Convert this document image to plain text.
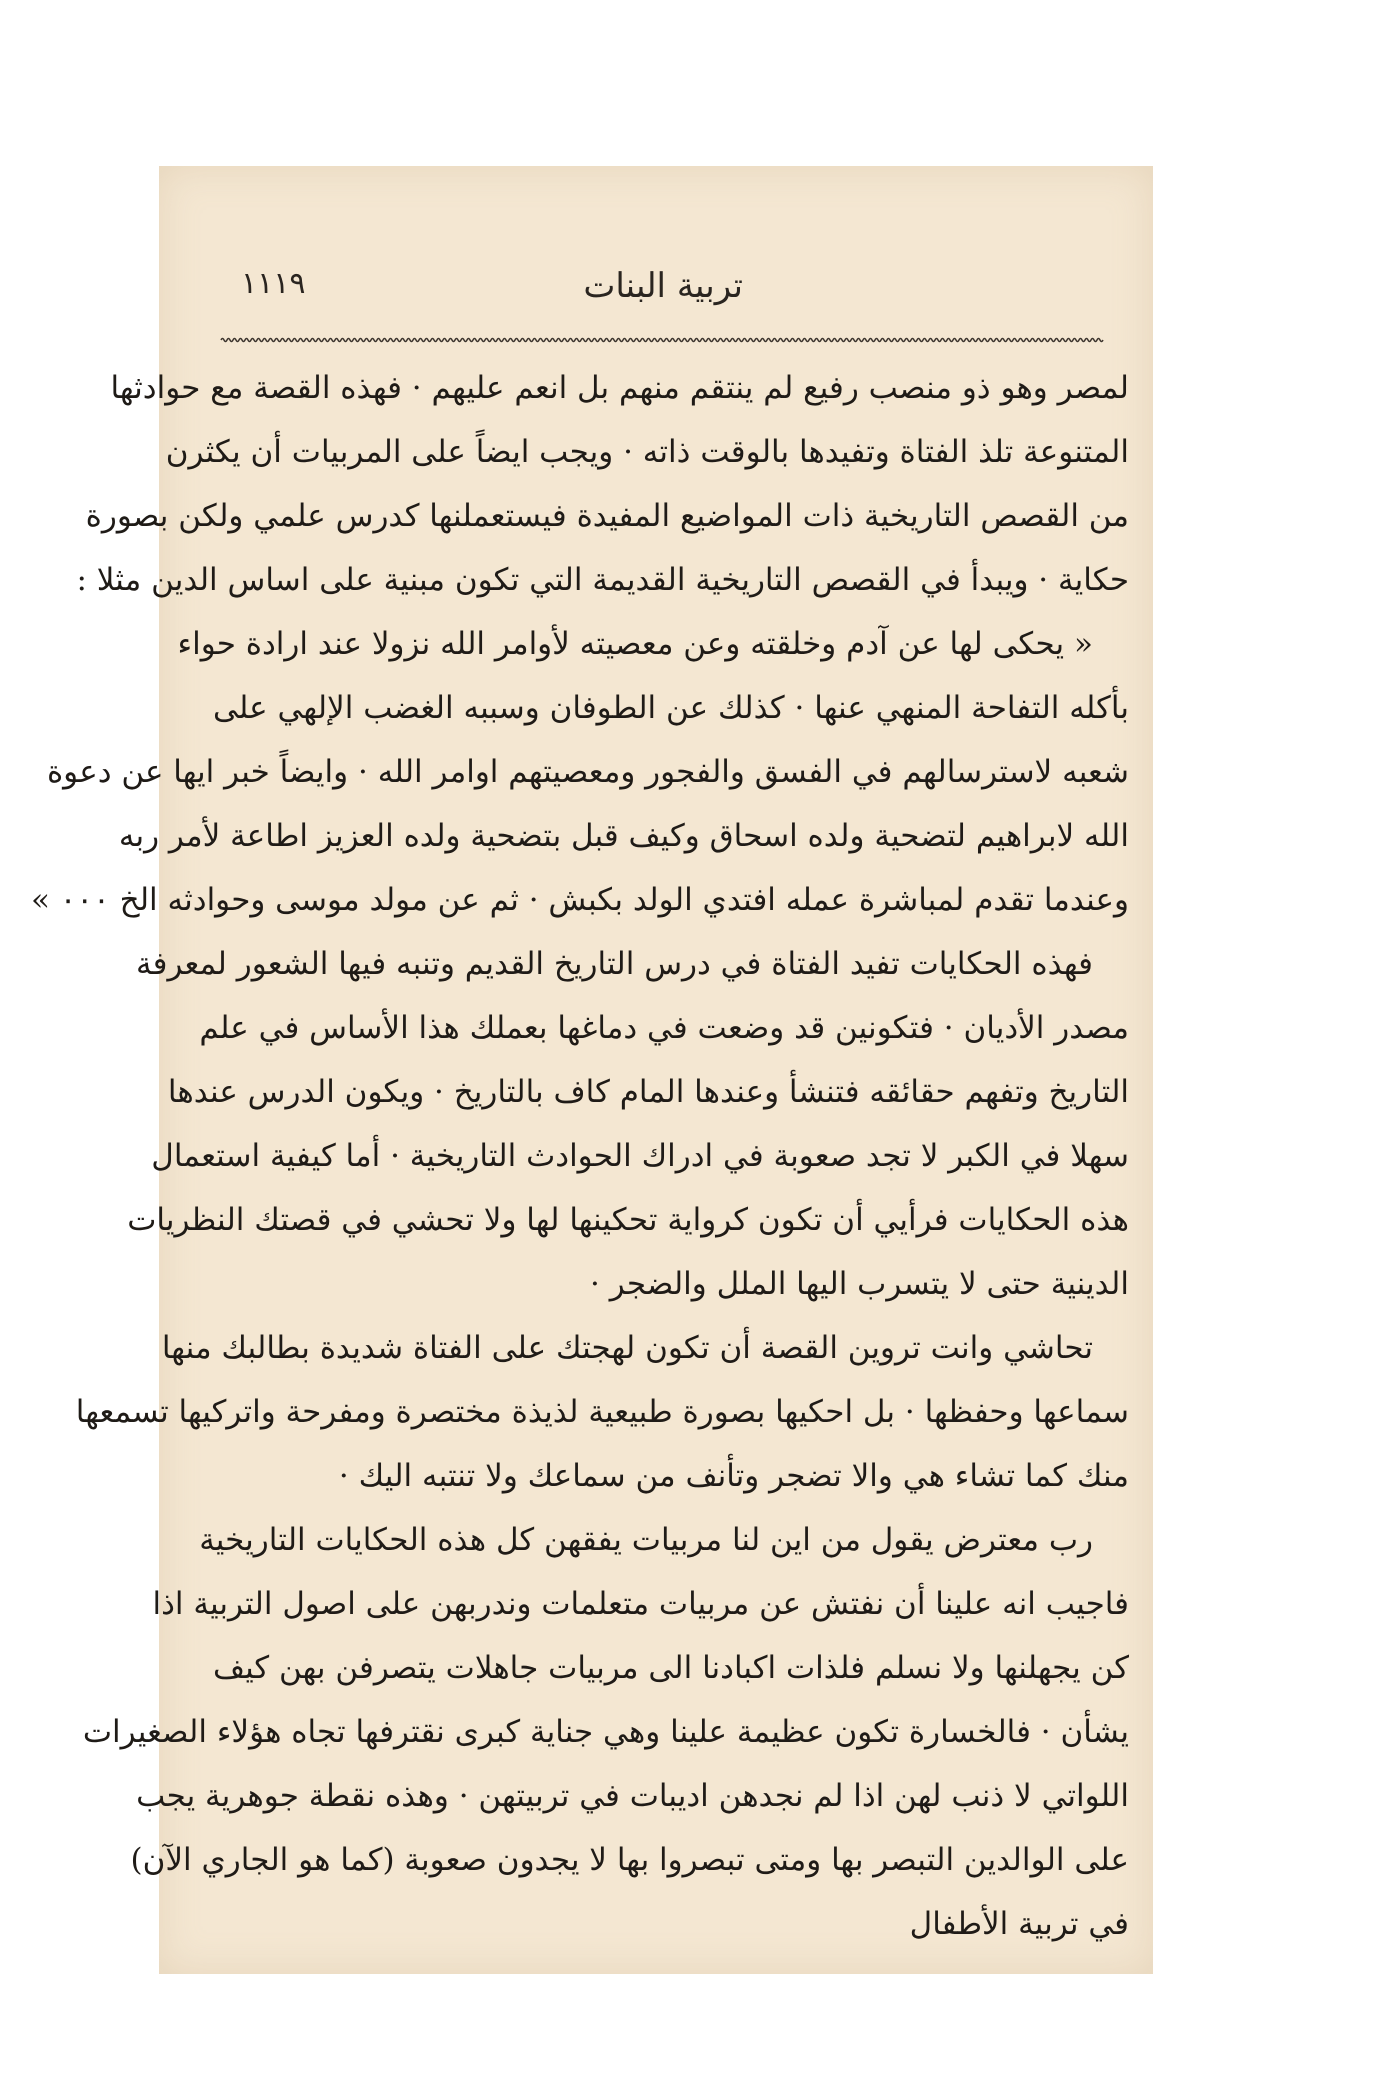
تربية البنات
١١١٩
لمصر وهو ذو منصب رفيع لم ينتقم منهم بل انعم عليهم · فهذه القصة مع حوادثها
المتنوعة تلذ الفتاة وتفيدها بالوقت ذاته · ويجب ايضاً على المربيات أن يكثرن
من القصص التاريخية ذات المواضيع المفيدة فيستعملنها كدرس علمي ولكن بصورة
حكاية · ويبدأ في القصص التاريخية القديمة التي تكون مبنية على اساس الدين مثلا :
« يحكى لها عن آدم وخلقته وعن معصيته لأوامر الله نزولا عند ارادة حواء
بأكله التفاحة المنهي عنها · كذلك عن الطوفان وسببه الغضب الإلهي على
شعبه لاسترسالهم في الفسق والفجور ومعصيتهم اوامر الله · وايضاً خبر ايها عن دعوة
الله لابراهيم لتضحية ولده اسحاق وكيف قبل بتضحية ولده العزيز اطاعة لأمر ربه
وعندما تقدم لمباشرة عمله افتدي الولد بكبش · ثم عن مولد موسى وحوادثه الخ ٠٠٠ »
فهذه الحكايات تفيد الفتاة في درس التاريخ القديم وتنبه فيها الشعور لمعرفة
مصدر الأديان · فتكونين قد وضعت في دماغها بعملك هذا الأساس في علم
التاريخ وتفهم حقائقه فتنشأ وعندها المام كاف بالتاريخ · ويكون الدرس عندها
سهلا في الكبر لا تجد صعوبة في ادراك الحوادث التاريخية · أما كيفية استعمال
هذه الحكايات فرأيي أن تكون كرواية تحكينها لها ولا تحشي في قصتك النظريات
الدينية حتى لا يتسرب اليها الملل والضجر ·
تحاشي وانت تروين القصة أن تكون لهجتك على الفتاة شديدة بطالبك منها
سماعها وحفظها · بل احكيها بصورة طبيعية لذيذة مختصرة ومفرحة واتركيها تسمعها
منك كما تشاء هي والا تضجر وتأنف من سماعك ولا تنتبه اليك ·
رب معترض يقول من اين لنا مربيات يفقهن كل هذه الحكايات التاريخية
فاجيب انه علينا أن نفتش عن مربيات متعلمات وندربهن على اصول التربية اذا
كن يجهلنها ولا نسلم فلذات اكبادنا الى مربيات جاهلات يتصرفن بهن كيف
يشأن · فالخسارة تكون عظيمة علينا وهي جناية كبرى نقترفها تجاه هؤلاء الصغيرات
اللواتي لا ذنب لهن اذا لم نجدهن اديبات في تربيتهن · وهذه نقطة جوهرية يجب
على الوالدين التبصر بها ومتى تبصروا بها لا يجدون صعوبة (كما هو الجاري الآن)
في تربية الأطفال
